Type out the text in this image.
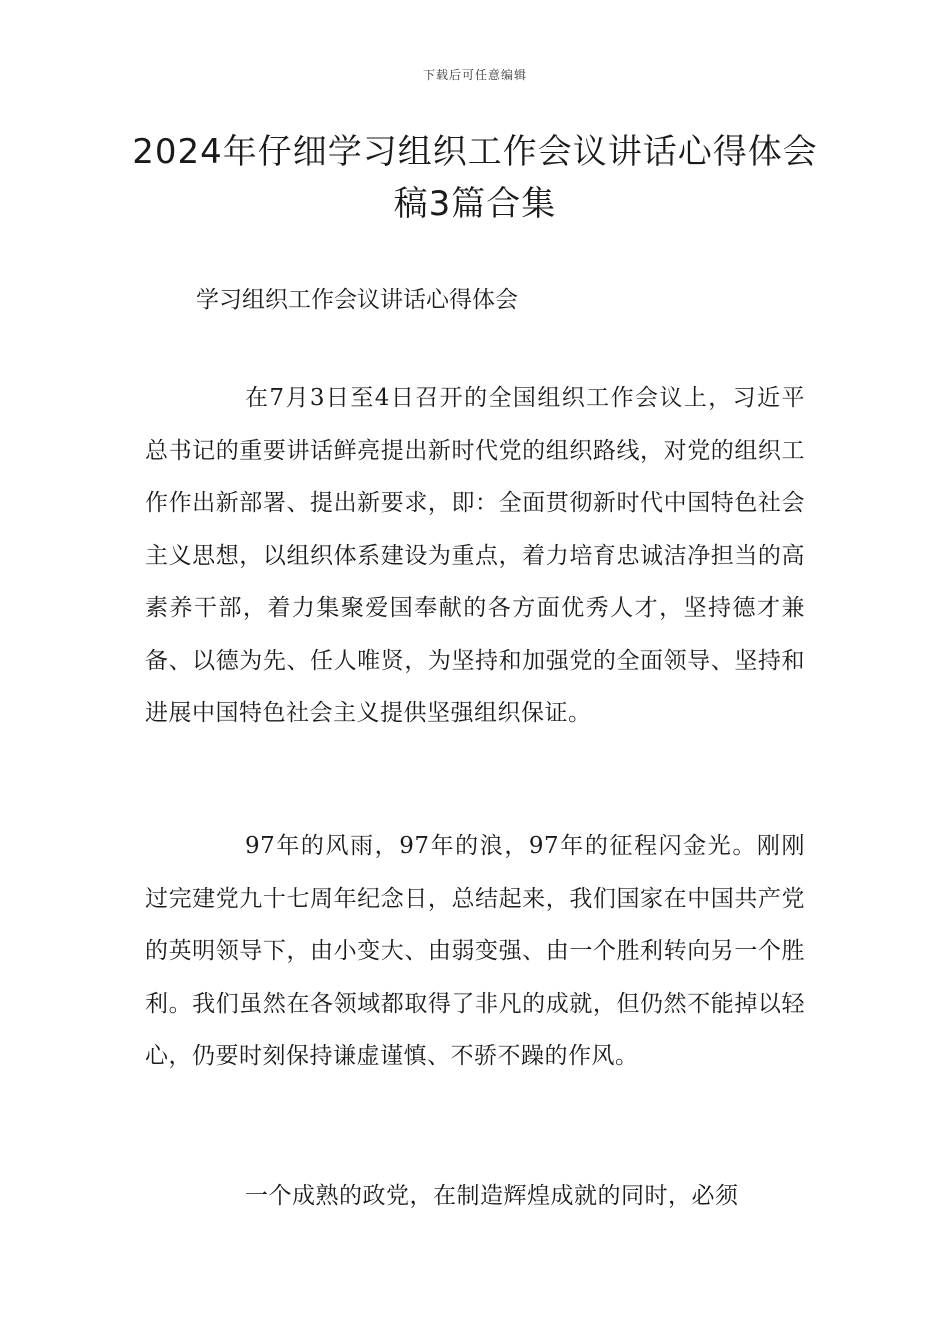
下载后可任意编辑
2024年仔细学习组织工作会议讲话心得体会稿3篇合集

学习组织工作会议讲话心得体会

在7月3日至4日召开的全国组织工作会议上，习近平总书记的重要讲话鲜亮提出新时代党的组织路线，对党的组织工作作出新部署、提出新要求，即：全面贯彻新时代中国特色社会主义思想，以组织体系建设为重点，着力培育忠诚洁净担当的高素养干部，着力集聚爱国奉献的各方面优秀人才，坚持德才兼备、以德为先、任人唯贤，为坚持和加强党的全面领导、坚持和进展中国特色社会主义提供坚强组织保证。

97年的风雨，97年的浪，97年的征程闪金光。刚刚过完建党九十七周年纪念日，总结起来，我们国家在中国共产党的英明领导下，由小变大、由弱变强、由一个胜利转向另一个胜利。我们虽然在各领域都取得了非凡的成就，但仍然不能掉以轻心，仍要时刻保持谦虚谨慎、不骄不躁的作风。

一个成熟的政党，在制造辉煌成就的同时，必须
